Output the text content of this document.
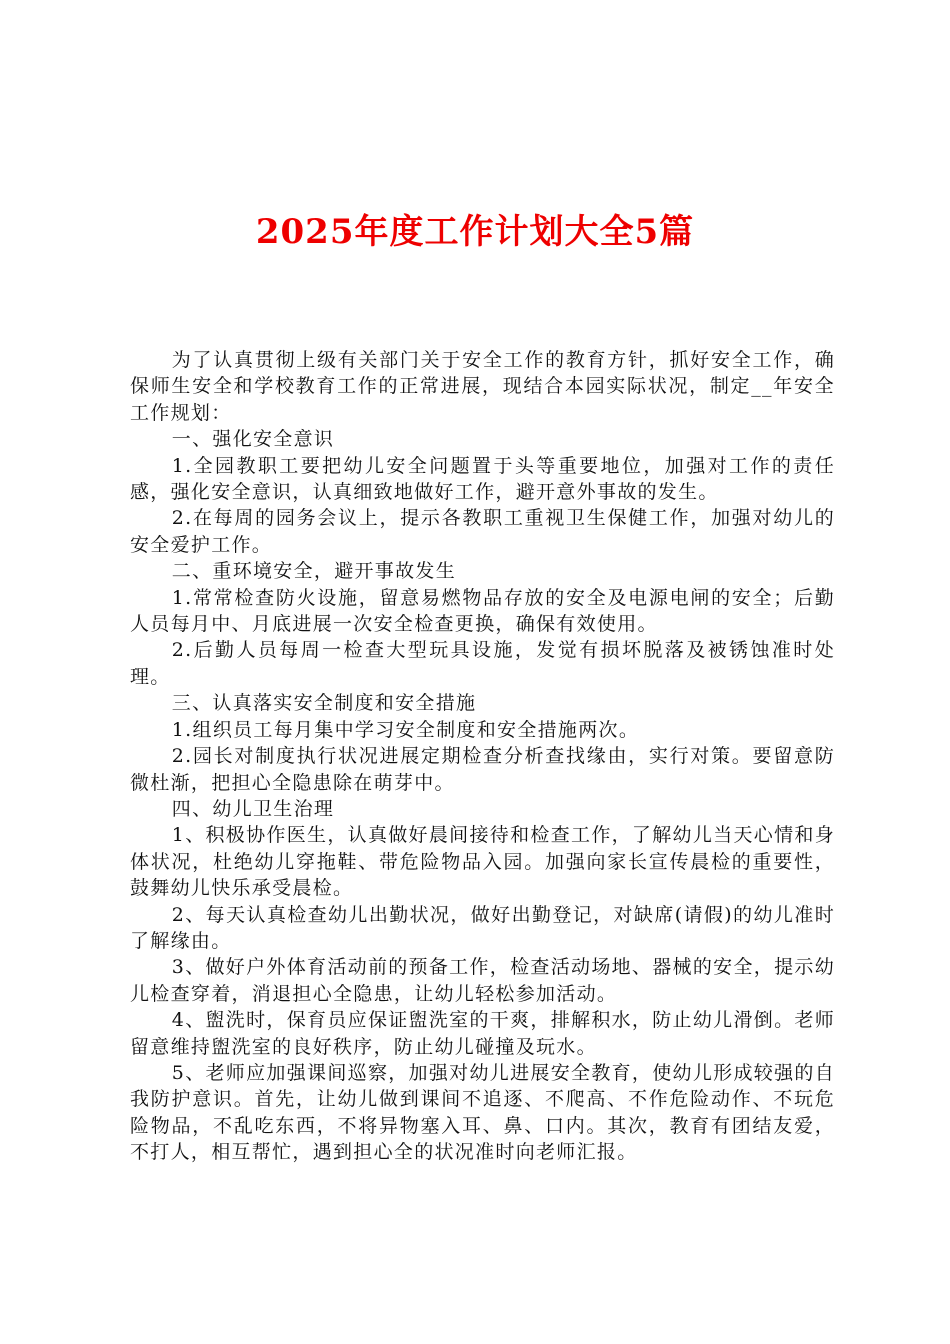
2025年度工作计划大全5篇

为了认真贯彻上级有关部门关于安全工作的教育方针，抓好安全工作，确保师生安全和学校教育工作的正常进展，现结合本园实际状况，制定__年安全工作规划：

一、强化安全意识

1.全园教职工要把幼儿安全问题置于头等重要地位，加强对工作的责任感，强化安全意识，认真细致地做好工作，避开意外事故的发生。

2.在每周的园务会议上，提示各教职工重视卫生保健工作，加强对幼儿的安全爱护工作。

二、重环境安全，避开事故发生

1.常常检查防火设施，留意易燃物品存放的安全及电源电闸的安全；后勤人员每月中、月底进展一次安全检查更换，确保有效使用。

2.后勤人员每周一检查大型玩具设施，发觉有损坏脱落及被锈蚀准时处理。

三、认真落实安全制度和安全措施

1.组织员工每月集中学习安全制度和安全措施两次。

2.园长对制度执行状况进展定期检查分析查找缘由，实行对策。要留意防微杜渐，把担心全隐患除在萌芽中。

四、幼儿卫生治理

1、积极协作医生，认真做好晨间接待和检查工作，了解幼儿当天心情和身体状况，杜绝幼儿穿拖鞋、带危险物品入园。加强向家长宣传晨检的重要性，鼓舞幼儿快乐承受晨检。

2、每天认真检查幼儿出勤状况，做好出勤登记，对缺席(请假)的幼儿准时了解缘由。

3、做好户外体育活动前的预备工作，检查活动场地、器械的安全，提示幼儿检查穿着，消退担心全隐患，让幼儿轻松参加活动。

4、盥洗时，保育员应保证盥洗室的干爽，排解积水，防止幼儿滑倒。老师留意维持盥洗室的良好秩序，防止幼儿碰撞及玩水。

5、老师应加强课间巡察，加强对幼儿进展安全教育，使幼儿形成较强的自我防护意识。首先，让幼儿做到课间不追逐、不爬高、不作危险动作、不玩危险物品，不乱吃东西，不将异物塞入耳、鼻、口内。其次，教育有团结友爱，不打人，相互帮忙，遇到担心全的状况准时向老师汇报。
